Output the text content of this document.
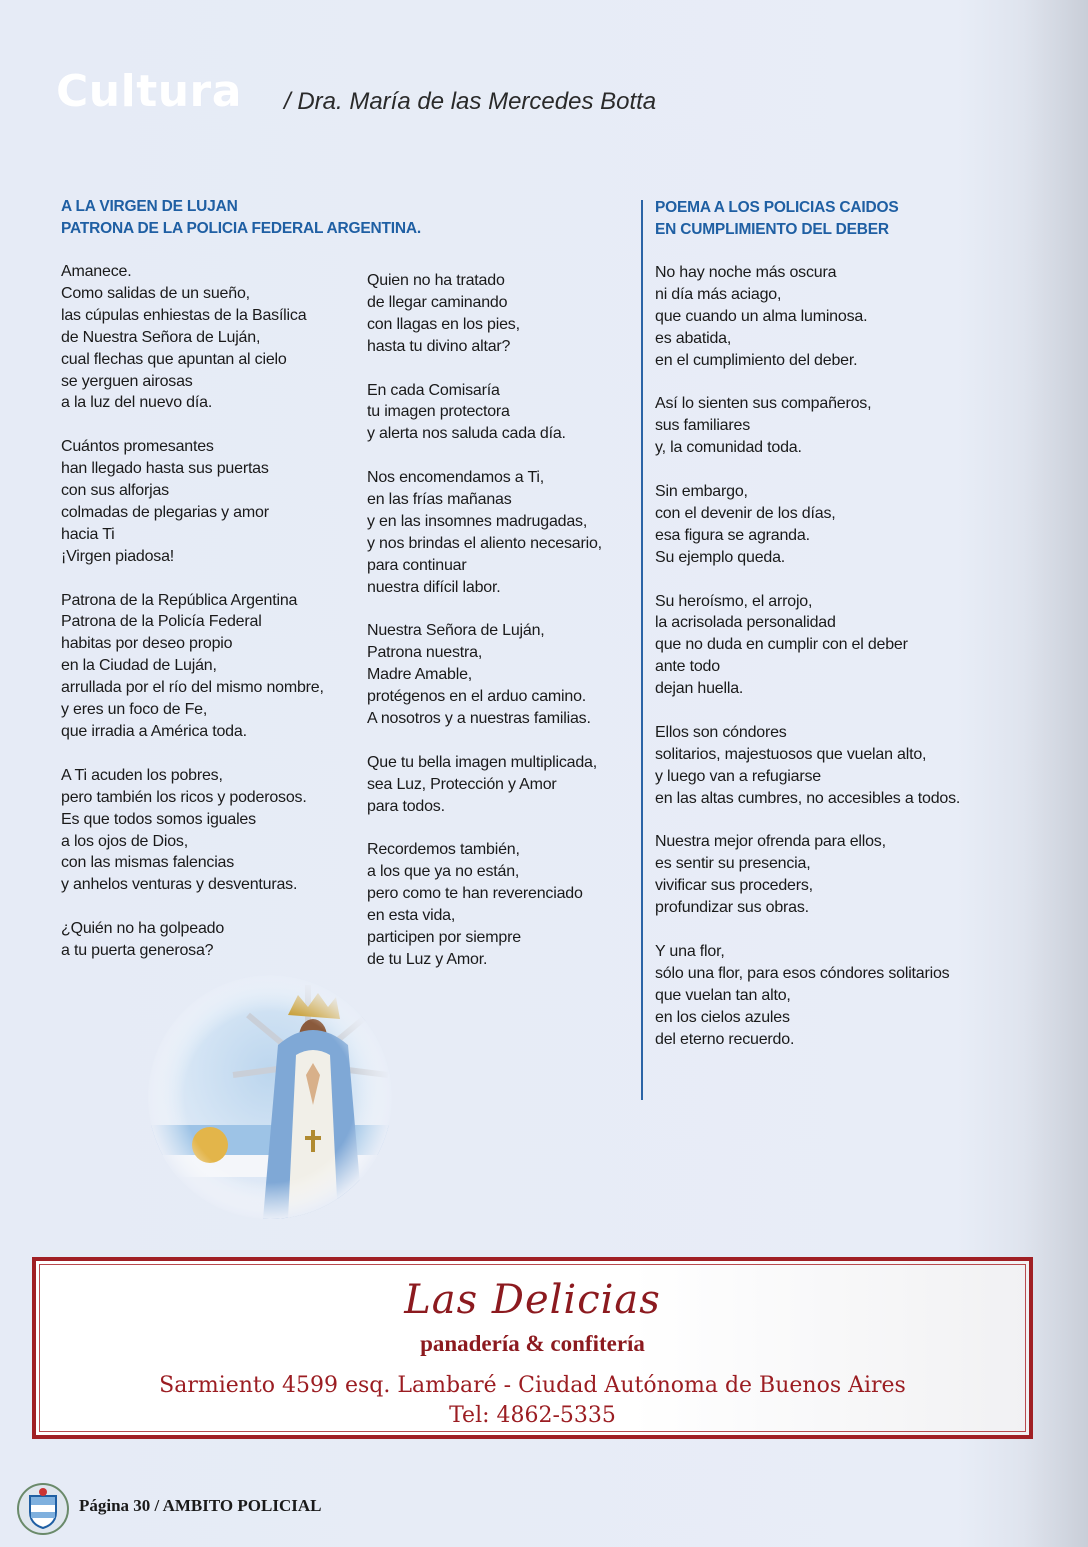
Cultura / Dra. María de las Mercedes Botta
A LA VIRGEN DE LUJAN
PATRONA DE LA POLICIA FEDERAL ARGENTINA.
Amanece.
Como salidas de un sueño,
las cúpulas enhiestas de la Basílica
de Nuestra Señora de Luján,
cual flechas que apuntan al cielo
se yerguen airosas
a la luz del nuevo día.
Cuántos promesantes
han llegado hasta sus puertas
con sus alforjas
colmadas de plegarias y amor
hacia Ti
¡Virgen piadosa!
Patrona de la República Argentina
Patrona de la Policía Federal
habitas por deseo propio
en la Ciudad de Luján,
arrullada por el río del mismo nombre,
y eres un foco de Fe,
que irradia a América toda.
A Ti acuden los pobres,
pero también los ricos y poderosos.
Es que todos somos iguales
a los ojos de Dios,
con las mismas falencias
y anhelos venturas y desventuras.
¿Quién no ha golpeado
a tu puerta generosa?
Quien no ha tratado
de llegar caminando
con llagas en los pies,
hasta tu divino altar?
En cada Comisaría
tu imagen protectora
y alerta nos saluda cada día.
Nos encomendamos a Ti,
en las frías mañanas
y en las insomnes madrugadas,
y nos brindas el aliento necesario,
para continuar
nuestra difícil labor.
Nuestra Señora de Luján,
Patrona nuestra,
Madre Amable,
protégenos en el arduo camino.
A nosotros y a nuestras familias.
Que tu bella imagen multiplicada,
sea Luz, Protección y Amor
para todos.
Recordemos también,
a los que ya no están,
pero como te han reverenciado
en esta vida,
participen por siempre
de tu Luz y Amor.
POEMA A LOS POLICIAS CAIDOS
EN CUMPLIMIENTO DEL DEBER
No hay noche más oscura
ni día más aciago,
que cuando un alma luminosa.
es abatida,
en el cumplimiento del deber.
Así lo sienten sus compañeros,
sus familiares
y, la comunidad toda.
Sin embargo,
con el devenir de los días,
esa figura se agranda.
Su ejemplo queda.
Su heroísmo, el arrojo,
la acrisolada personalidad
que no duda en cumplir con el deber
ante todo
dejan huella.
Ellos son cóndores
solitarios, majestuosos que vuelan alto,
y luego van a refugiarse
en las altas cumbres, no accesibles a todos.
Nuestra mejor ofrenda para ellos,
es sentir su presencia,
vivificar sus proceders,
profundizar sus obras.
Y una flor,
sólo una flor, para esos cóndores solitarios
que vuelan tan alto,
en los cielos azules
del eterno recuerdo.
Las Delicias
panadería & confitería
Sarmiento 4599 esq. Lambaré - Ciudad Autónoma de Buenos Aires
Tel: 4862-5335
Página 30 / AMBITO POLICIAL
